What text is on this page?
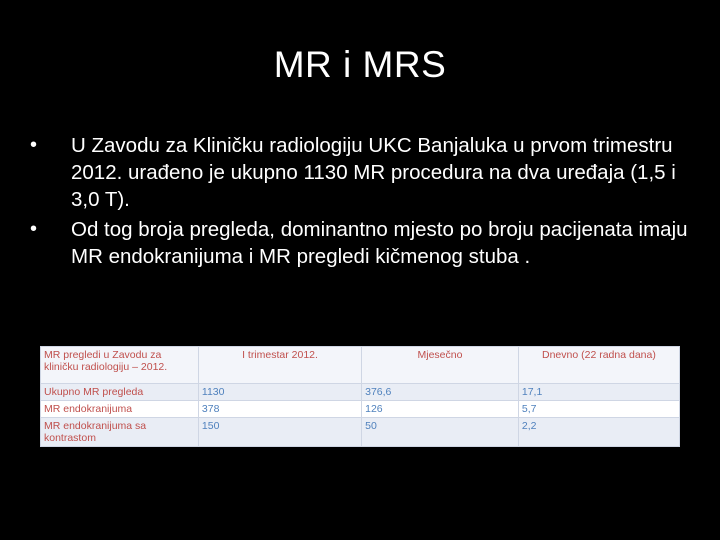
MR i MRS
•	U Zavodu za Kliničku radiologiju UKC Banjaluka u prvom trimestru 2012. urađeno je ukupno 1130 MR procedura na dva uređaja (1,5 i 3,0 T).
•	Od tog broja pregleda, dominantno mjesto po broju pacijenata imaju MR endokranijuma i MR pregledi kičmenog stuba .
MR pregledi u Zavodu za kliničku radiologiju – 2012.	I trimestar 2012.	Mjesečno	Dnevno (22 radna dana)
Ukupno MR pregleda	1130	376,6	17,1
MR endokranijuma	378	126	5,7
MR endokranijuma sa kontrastom	150	50	2,2
